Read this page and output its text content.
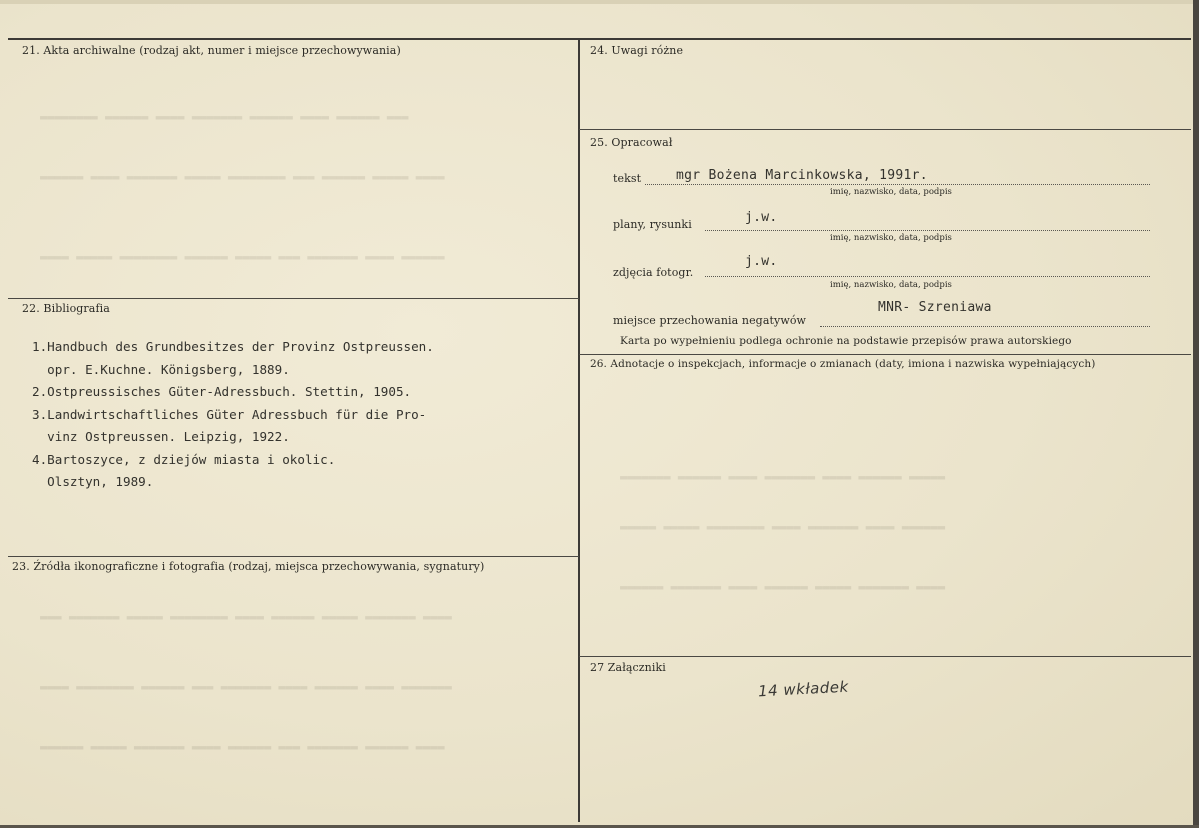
▬▬▬ ▬▬▬▬▬▬ ▬▬▬▬ ▬▬▬▬▬▬ ▬▬▬▬▬▬▬ ▬▬▬▬ ▬▬▬▬▬▬ ▬▬▬▬▬▬▬▬
▬▬▬▬ ▬▬▬▬▬ ▬▬▬▬▬▬ ▬▬▬ ▬▬▬▬▬▬▬▬ ▬▬▬▬▬ ▬▬▬▬▬▬▬ ▬▬▬▬ ▬▬▬▬▬▬
▬▬▬▬▬▬ ▬▬▬▬ ▬▬▬▬▬▬▬ ▬▬▬ ▬▬▬▬▬ ▬▬▬▬▬▬ ▬▬▬▬▬▬▬▬ ▬▬▬▬▬ ▬▬▬▬
▬▬▬▬ ▬▬▬▬▬▬▬ ▬▬▬▬▬ ▬▬▬▬▬▬ ▬▬▬▬ ▬▬▬▬▬▬▬▬ ▬▬▬▬▬ ▬▬▬▬▬▬▬ ▬▬▬
▬▬▬▬▬▬▬ ▬▬▬▬ ▬▬▬▬▬▬ ▬▬▬▬ ▬▬▬▬▬▬▬ ▬▬▬ ▬▬▬▬▬▬ ▬▬▬▬▬▬▬▬ ▬▬▬▬
▬▬▬▬ ▬▬▬▬▬▬ ▬▬▬▬▬▬▬ ▬▬▬ ▬▬▬▬▬▬ ▬▬▬▬ ▬▬▬▬▬▬▬ ▬▬▬▬▬ ▬▬▬▬▬▬
▬▬▬▬▬ ▬▬▬▬▬▬ ▬▬▬▬ ▬▬▬▬▬▬▬ ▬▬▬▬ ▬▬▬▬▬▬ ▬▬▬▬▬▬▬
▬▬▬▬▬▬ ▬▬▬▬ ▬▬▬▬▬▬▬ ▬▬▬▬ ▬▬▬▬▬▬▬▬ ▬▬▬▬▬ ▬▬▬▬▬
▬▬▬▬ ▬▬▬▬▬▬▬ ▬▬▬▬▬ ▬▬▬▬▬▬ ▬▬▬▬ ▬▬▬▬▬▬▬ ▬▬▬▬▬▬
21. Akta archiwalne (rodzaj akt, numer i miejsce przechowywania)
22. Bibliografia
1.Handbuch des Grundbesitzes der Provinz Ostpreussen.
opr. E.Kuchne. Königsberg, 1889.
2.Ostpreussisches Güter-Adressbuch. Stettin, 1905.
3.Landwirtschaftliches Güter Adressbuch für die Pro-
vinz Ostpreussen. Leipzig, 1922.
4.Bartoszyce, z dziejów miasta i okolic.
Olsztyn, 1989.
23. Źródła ikonograficzne i fotografia (rodzaj, miejsca przechowywania, sygnatury)
24. Uwagi różne
25. Opracował
tekst	mgr Bożena Marcinkowska, 1991r.
imię, nazwisko, data, podpis
plany, rysunki	j.w.
imię, nazwisko, data, podpis
zdjęcia fotogr.
j.w.
imię, nazwisko, data, podpis
miejsce przechowania negatywów
MNR- Szreniawa
Karta po wypełnieniu podlega ochronie na podstawie przepisów prawa autorskiego
26. Adnotacje o inspekcjach, informacje o zmianach (daty, imiona i nazwiska wypełniających)
27 Załączniki
14 wkładek
